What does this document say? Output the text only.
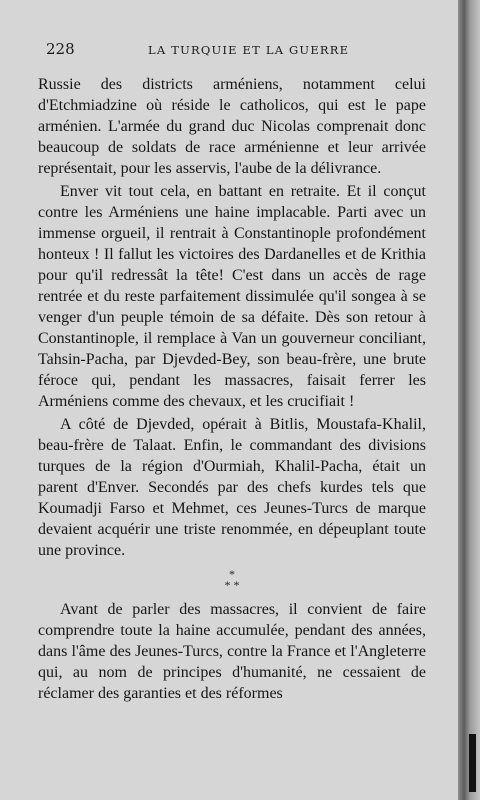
228	LA TURQUIE ET LA GUERRE

Russie des districts arméniens, notamment celui d'Etchmiadzine où réside le catholicos, qui est le pape arménien. L'armée du grand duc Nicolas comprenait donc beaucoup de soldats de race arménienne et leur arrivée représentait, pour les asservis, l'aube de la délivrance.

Enver vit tout cela, en battant en retraite. Et il conçut contre les Arméniens une haine implacable. Parti avec un immense orgueil, il rentrait à Constantinople profondément honteux ! Il fallut les victoires des Dardanelles et de Krithia pour qu'il redressât la tête! C'est dans un accès de rage rentrée et du reste parfaitement dissimulée qu'il songea à se venger d'un peuple témoin de sa défaite. Dès son retour à Constantinople, il remplace à Van un gouverneur conciliant, Tahsin-Pacha, par Djevded-Bey, son beau-frère, une brute féroce qui, pendant les massacres, faisait ferrer les Arméniens comme des chevaux, et les crucifiait !

A côté de Djevded, opérait à Bitlis, Moustafa-Khalil, beau-frère de Talaat. Enfin, le commandant des divisions turques de la région d'Ourmiah, Khalil-Pacha, était un parent d'Enver. Secondés par des chefs kurdes tels que Koumadji Farso et Mehmet, ces Jeunes-Turcs de marque devaient acquérir une triste renommée, en dépeuplant toute une province.

*
* *

Avant de parler des massacres, il convient de faire comprendre toute la haine accumulée, pendant des années, dans l'âme des Jeunes-Turcs, contre la France et l'Angleterre qui, au nom de principes d'humanité, ne cessaient de réclamer des garanties et des réformes
